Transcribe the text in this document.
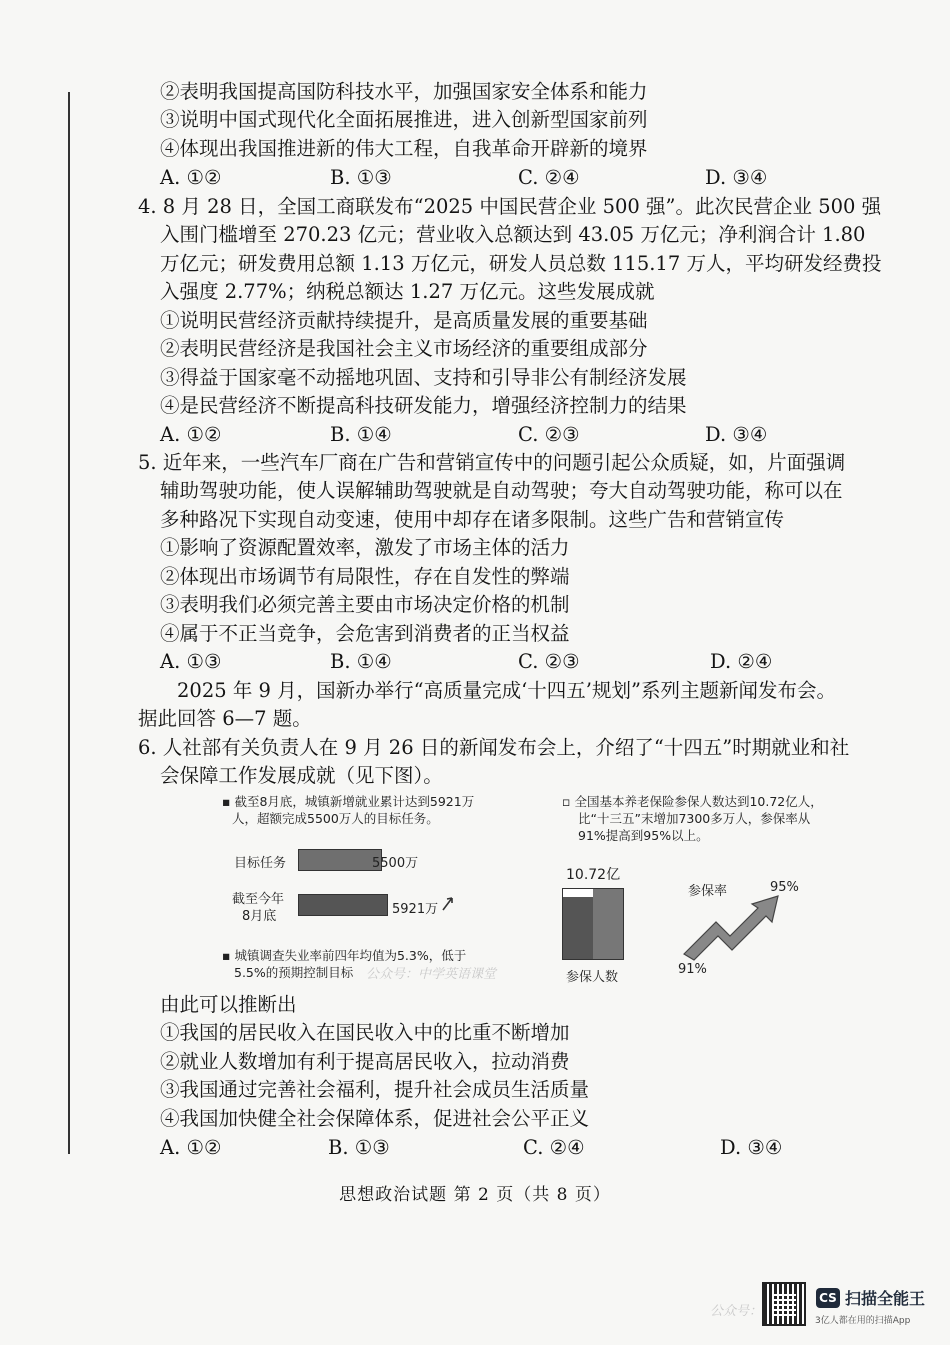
②表明我国提高国防科技水平，加强国家安全体系和能力
③说明中国式现代化全面拓展推进，进入创新型国家前列
④体现出我国推进新的伟大工程，自我革命开辟新的境界
A. ①②	B. ①③	C. ②④	D. ③④
4. 8 月 28 日，全国工商联发布“2025 中国民营企业 500 强”。此次民营企业 500 强
入围门槛增至 270.23 亿元；营业收入总额达到 43.05 万亿元；净利润合计 1.80
万亿元；研发费用总额 1.13 万亿元，研发人员总数 115.17 万人，平均研发经费投
入强度 2.77%；纳税总额达 1.27 万亿元。这些发展成就
①说明民营经济贡献持续提升，是高质量发展的重要基础
②表明民营经济是我国社会主义市场经济的重要组成部分
③得益于国家毫不动摇地巩固、支持和引导非公有制经济发展
④是民营经济不断提高科技研发能力，增强经济控制力的结果
A. ①②	B. ①④	C. ②③	D. ③④
5. 近年来，一些汽车厂商在广告和营销宣传中的问题引起公众质疑，如，片面强调
辅助驾驶功能，使人误解辅助驾驶就是自动驾驶；夸大自动驾驶功能，称可以在
多种路况下实现自动变速，使用中却存在诸多限制。这些广告和营销宣传
①影响了资源配置效率，激发了市场主体的活力
②体现出市场调节有局限性，存在自发性的弊端
③表明我们必须完善主要由市场决定价格的机制
④属于不正当竞争，会危害到消费者的正当权益
A. ①③	B. ①④	C. ②③	D. ②④
2025 年 9 月，国新办举行“高质量完成‘十四五’规划”系列主题新闻发布会。
据此回答 6—7 题。
6. 人社部有关负责人在 9 月 26 日的新闻发布会上，介绍了“十四五”时期就业和社
会保障工作发展成就（见下图）。
▪ 截至8月底，城镇新增就业累计达到5921万
人，超额完成5500万人的目标任务。
目标任务	5500万
截至今年
8月底	5921万
▪ 城镇调查失业率前四年均值为5.3%，低于
5.5%的预期控制目标
▫ 全国基本养老保险参保人数达到10.72亿人，
比“十三五”末增加7300多万人，参保率从
91%提高到95%以上。
10.72亿
参保人数
参保率	95%
91%
公众号：中学英语课堂
由此可以推断出
①我国的居民收入在国民收入中的比重不断增加
②就业人数增加有利于提高居民收入，拉动消费
③我国通过完善社会福利，提升社会成员生活质量
④我国加快健全社会保障体系，促进社会公平正义
A. ①②	B. ①③	C. ②④	D. ③④
思想政治试题 第 2 页（共 8 页）
公众号：
CS 扫描全能王
3亿人都在用的扫描App
